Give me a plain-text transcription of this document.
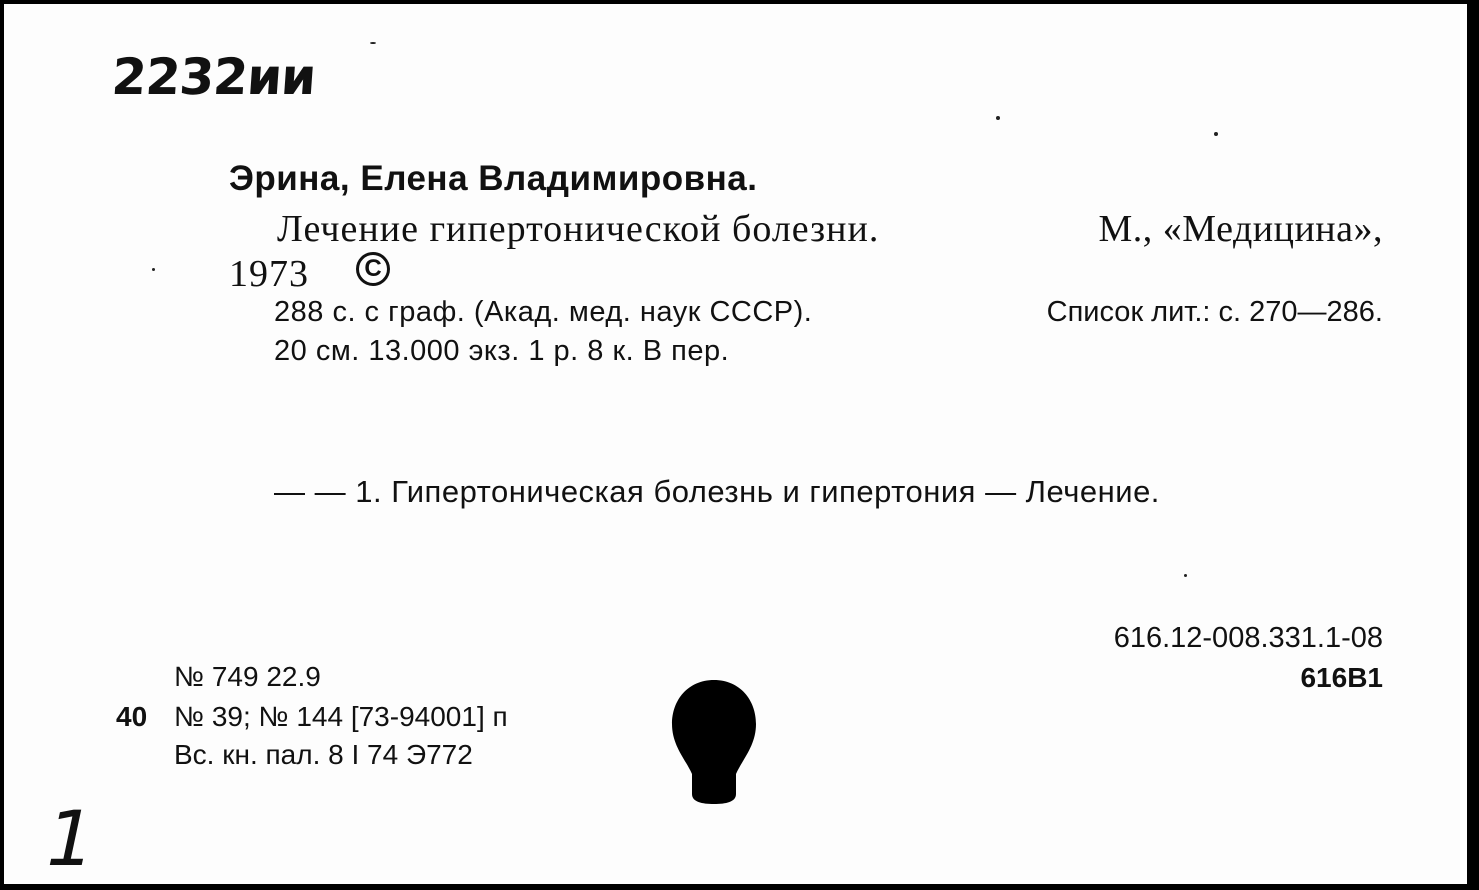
2232ии
Эрина, Елена Владимировна.
Лечение гипертонической болезни.	М., «Медицина»,
1973	C
288 с. с граф. (Акад. мед. наук СССР).	Список лит.: с. 270—286.
20 см. 13.000 экз. 1 р. 8 к. В пер.
— — 1. Гипертоническая болезнь и гипертония — Лечение.
616.12-008.331.1-08
616В1
№ 749 22.9
40 № 39; № 144 [73-94001] п
Вс. кн. пал. 8 I 74 Э772
1
